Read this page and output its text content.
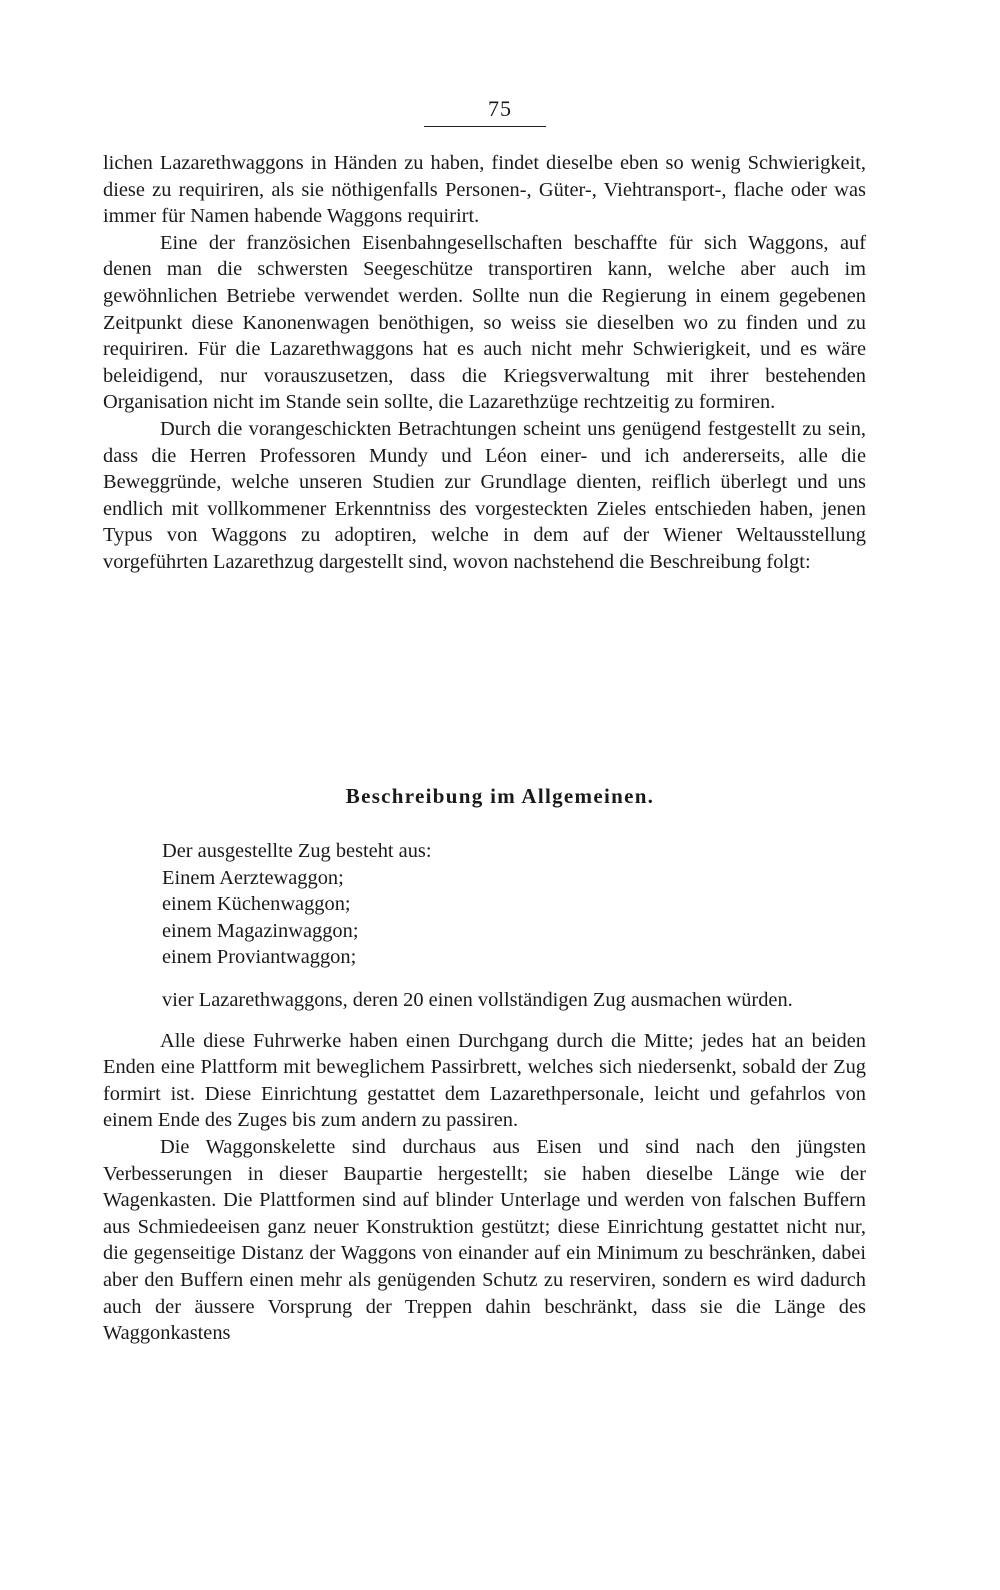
75

lichen Lazarethwaggons in Händen zu haben, findet dieselbe eben so wenig Schwierigkeit, diese zu requiriren, als sie nöthigenfalls Personen-, Güter-, Viehtransport-, flache oder was immer für Namen habende Waggons requirirt.

Eine der französichen Eisenbahngesellschaften beschaffte für sich Waggons, auf denen man die schwersten Seegeschütze transportiren kann, welche aber auch im gewöhnlichen Betriebe verwendet werden. Sollte nun die Regierung in einem gegebenen Zeitpunkt diese Kanonenwagen benöthigen, so weiss sie dieselben wo zu finden und zu requiriren. Für die Lazarethwaggons hat es auch nicht mehr Schwierigkeit, und es wäre beleidigend, nur vorauszusetzen, dass die Kriegsverwaltung mit ihrer bestehenden Organisation nicht im Stande sein sollte, die Lazarethzüge rechtzeitig zu formiren.

Durch die vorangeschickten Betrachtungen scheint uns genügend festgestellt zu sein, dass die Herren Professoren Mundy und Léon einer- und ich andererseits, alle die Beweggründe, welche unseren Studien zur Grundlage dienten, reiflich überlegt und uns endlich mit vollkommener Erkenntniss des vorgesteckten Zieles entschieden haben, jenen Typus von Waggons zu adoptiren, welche in dem auf der Wiener Weltausstellung vorgeführten Lazarethzug dargestellt sind, wovon nachstehend die Beschreibung folgt:

Beschreibung im Allgemeinen.
Der ausgestellte Zug besteht aus:
Einem Aerztewaggon;
einem Küchenwaggon;
einem Magazinwaggon;
einem Proviantwaggon;

vier Lazarethwaggons, deren 20 einen vollständigen Zug ausmachen würden.

Alle diese Fuhrwerke haben einen Durchgang durch die Mitte; jedes hat an beiden Enden eine Plattform mit beweglichem Passirbrett, welches sich niedersenkt, sobald der Zug formirt ist. Diese Einrichtung gestattet dem Lazarethpersonale, leicht und gefahrlos von einem Ende des Zuges bis zum andern zu passiren.

Die Waggonskelette sind durchaus aus Eisen und sind nach den jüngsten Verbesserungen in dieser Baupartie hergestellt; sie haben dieselbe Länge wie der Wagenkasten. Die Plattformen sind auf blinder Unterlage und werden von falschen Buffern aus Schmiedeeisen ganz neuer Konstruktion gestützt; diese Einrichtung gestattet nicht nur, die gegenseitige Distanz der Waggons von einander auf ein Minimum zu beschränken, dabei aber den Buffern einen mehr als genügenden Schutz zu reserviren, sondern es wird dadurch auch der äussere Vorsprung der Treppen dahin beschränkt, dass sie die Länge des Waggonkastens
